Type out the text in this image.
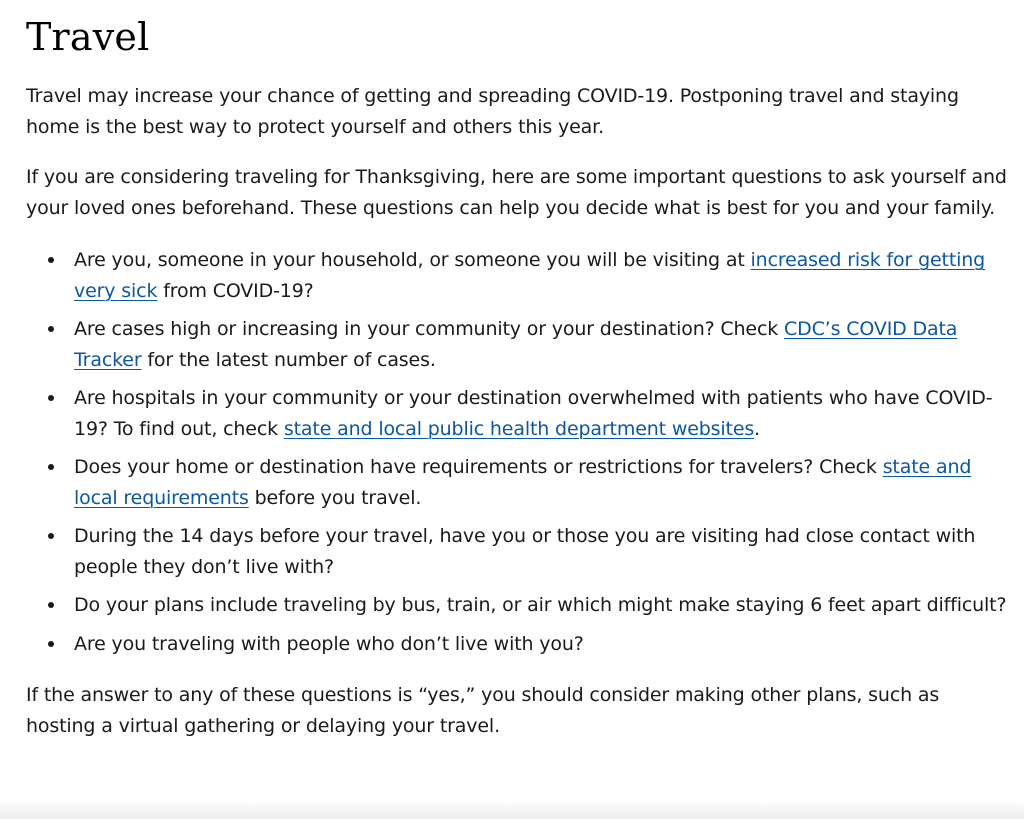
Travel

Travel may increase your chance of getting and spreading COVID-19. Postponing travel and staying home is the best way to protect yourself and others this year.

If you are considering traveling for Thanksgiving, here are some important questions to ask yourself and your loved ones beforehand. These questions can help you decide what is best for you and your family.

Are you, someone in your household, or someone you will be visiting at increased risk for getting very sick from COVID-19?
Are cases high or increasing in your community or your destination? Check CDC’s COVID Data Tracker for the latest number of cases.
Are hospitals in your community or your destination overwhelmed with patients who have COVID-19? To find out, check state and local public health department websites.
Does your home or destination have requirements or restrictions for travelers? Check state and local requirements before you travel.
During the 14 days before your travel, have you or those you are visiting had close contact with people they don’t live with?
Do your plans include traveling by bus, train, or air which might make staying 6 feet apart difficult?
Are you traveling with people who don’t live with you?

If the answer to any of these questions is “yes,” you should consider making other plans, such as hosting a virtual gathering or delaying your travel.
